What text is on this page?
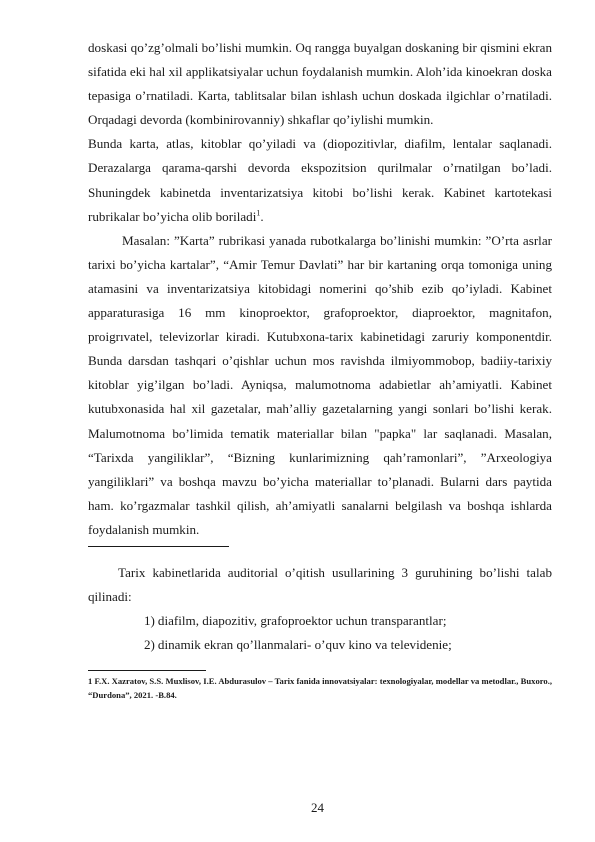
doskasi qo’zg’olmali bo’lishi mumkin. Oq rangga buyalgan doskaning bir qismini ekran sifatida eki hal xil applikatsiyalar uchun foydalanish mumkin. Aloh’ida kinoekran doska tepasiga o’rnatiladi. Karta, tablitsalar bilan ishlash uchun doskada ilgichlar o’rnatiladi. Orqadagi devorda (kombinirovanniy) shkaflar qo’iylishi mumkin.

Bunda karta, atlas, kitoblar qo’yiladi va (diopozitivlar, diafilm, lentalar saqlanadi. Derazalarga qarama-qarshi devorda ekspozitsion qurilmalar o’rnatilgan bo’ladi. Shuningdek kabinetda inventarizatsiya kitobi bo’lishi kerak. Kabinet kartotekasi rubrikalar bo’yicha olib boriladi$^1$.

Masalan: ”Karta” rubrikasi yanada rubotkalarga bo’linishi mumkin: ”O’rta asrlar tarixi bo’yicha kartalar”, “Amir Temur Davlati” har bir kartaning orqa tomoniga uning atamasini va inventarizatsiya kitobidagi nomerini qo’shib ezib qo’iyladi. Kabinet apparaturasiga 16 mm kinoproektor, grafoproektor, diaproektor, magnitafon, proigrıvatel, televizorlar kiradi. Kutubxona-tarix kabinetidagi zaruriy komponentdir. Bunda darsdan tashqari o’qishlar uchun mos ravishda ilmiyommobop, badiiy-tarixiy kitoblar yig’ilgan bo’ladi. Ayniqsa, malumotnoma adabietlar ah’amiyatli. Kabinet kutubxonasida hal xil gazetalar, mah’alliy gazetalarning yangi sonlari bo’lishi kerak. Malumotnoma bo’limida tematik materiallar bilan "papka" lar saqlanadi. Masalan, “Tarixda yangiliklar”, “Bizning kunlarimizning qah’ramonlari”, ”Arxeologiya yangiliklari” va boshqa mavzu bo’yicha materiallar to’planadi. Bularni dars paytida ham. ko’rgazmalar tashkil qilish, ah’amiyatli sanalarni belgilash va boshqa ishlarda foydalanish mumkin.

Tarix kabinetlarida auditorial o’qitish usullarining 3 guruhining bo’lishi talab qilinadi:

1) diafilm, diapozitiv, grafoproektor uchun transparantlar;
2) dinamik ekran qo’llanmalari- o’quv kino va televidenie;

1 F.X. Xazratov, S.S. Muxlisov, I.E. Abdurasulov – Tarix fanida innovatsiyalar: texnologiyalar, modellar va metodlar., Buxoro., “Durdona”, 2021. -B.84.

24
